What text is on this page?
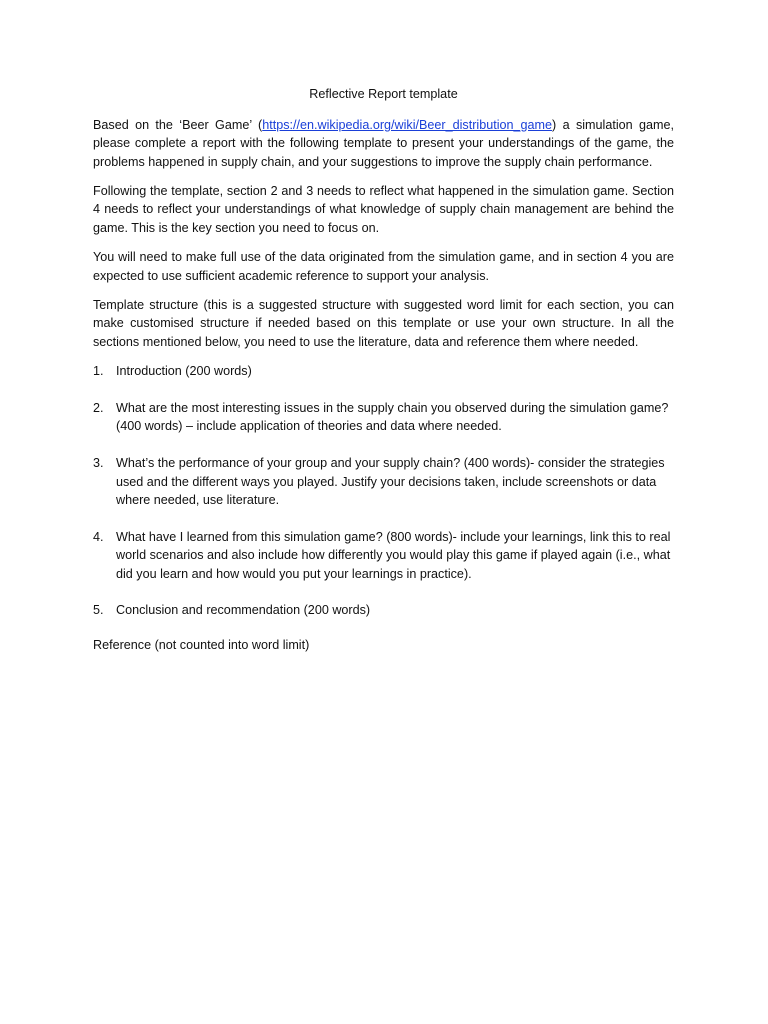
Reflective Report template

Based on the ‘Beer Game’ (https://en.wikipedia.org/wiki/Beer_distribution_game) a simulation game, please complete a report with the following template to present your understandings of the game, the problems happened in supply chain, and your suggestions to improve the supply chain performance.

Following the template, section 2 and 3 needs to reflect what happened in the simulation game. Section 4 needs to reflect your understandings of what knowledge of supply chain management are behind the game. This is the key section you need to focus on.

You will need to make full use of the data originated from the simulation game, and in section 4 you are expected to use sufficient academic reference to support your analysis.

Template structure (this is a suggested structure with suggested word limit for each section, you can make customised structure if needed based on this template or use your own structure. In all the sections mentioned below, you need to use the literature, data and reference them where needed.

1. Introduction (200 words)
2. What are the most interesting issues in the supply chain you observed during the simulation game? (400 words) – include application of theories and data where needed.
3. What’s the performance of your group and your supply chain? (400 words)- consider the strategies used and the different ways you played. Justify your decisions taken, include screenshots or data where needed, use literature.
4. What have I learned from this simulation game? (800 words)- include your learnings, link this to real world scenarios and also include how differently you would play this game if played again (i.e., what did you learn and how would you put your learnings in practice).
5. Conclusion and recommendation (200 words)
Reference (not counted into word limit)
